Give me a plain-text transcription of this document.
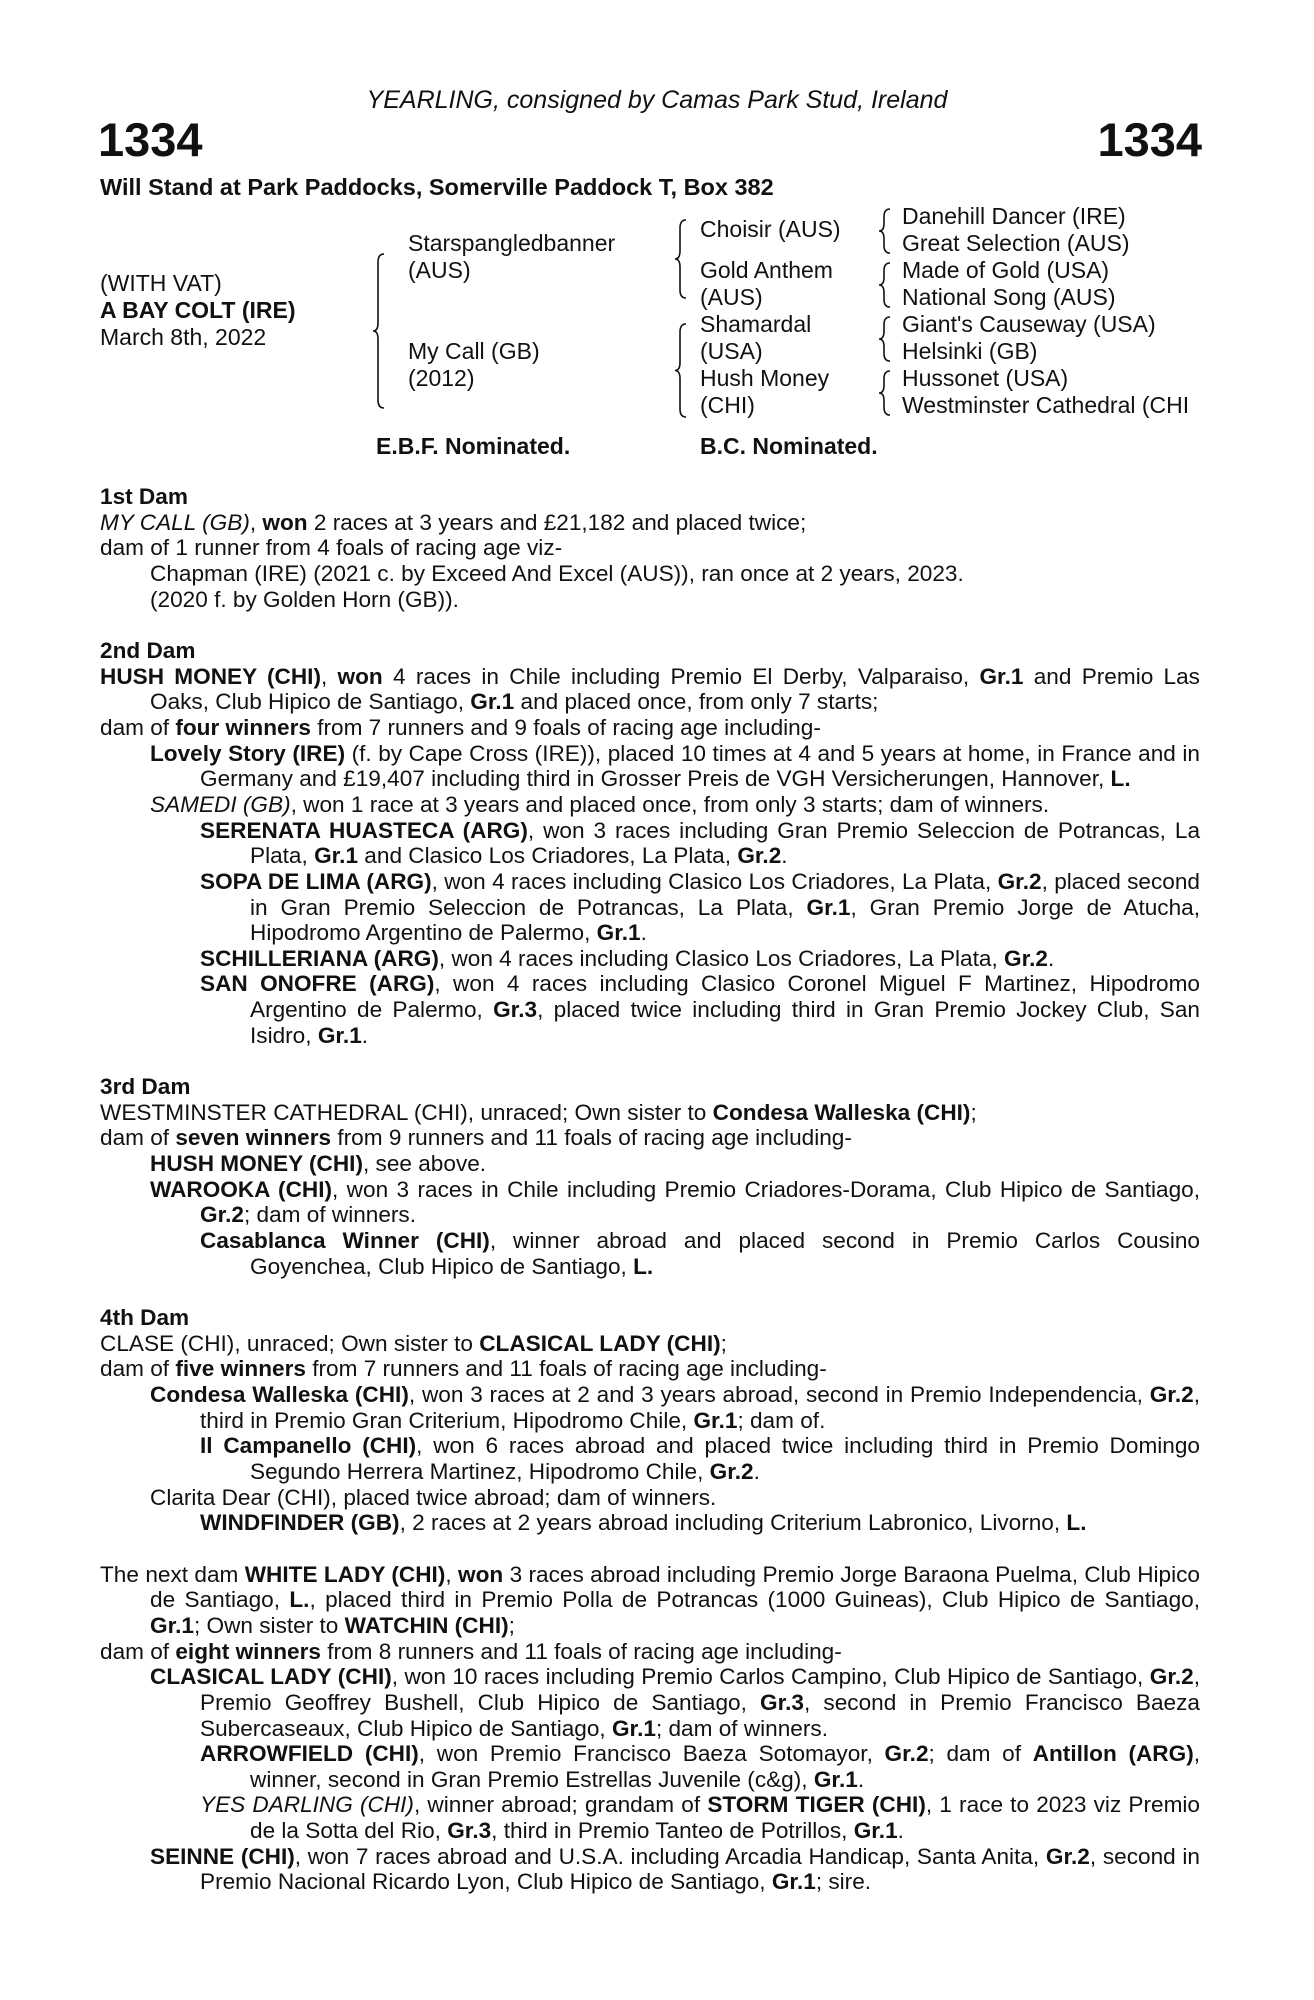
YEARLING, consigned by Camas Park Stud, Ireland
1334	1334
Will Stand at Park Paddocks, Somerville Paddock T, Box 382
(WITH VAT)
A BAY COLT (IRE)
March 8th, 2022
Starspangledbanner
(AUS)
My Call (GB)
(2012)
Choisir (AUS)
Gold Anthem
(AUS)
Shamardal
(USA)
Hush Money
(CHI)
Danehill Dancer (IRE)
Great Selection (AUS)
Made of Gold (USA)
National Song (AUS)
Giant's Causeway (USA)
Helsinki (GB)
Hussonet (USA)
Westminster Cathedral (CHI
E.B.F. Nominated.	B.C. Nominated.
1st Dam
MY CALL (GB), won 2 races at 3 years and £21,182 and placed twice;
dam of 1 runner from 4 foals of racing age viz-
Chapman (IRE) (2021 c. by Exceed And Excel (AUS)), ran once at 2 years, 2023.
(2020 f. by Golden Horn (GB)).
2nd Dam
HUSH MONEY (CHI), won 4 races in Chile including Premio El Derby, Valparaiso, Gr.1 and Premio Las Oaks, Club Hipico de Santiago, Gr.1 and placed once, from only 7 starts;
dam of four winners from 7 runners and 9 foals of racing age including-
Lovely Story (IRE) (f. by Cape Cross (IRE)), placed 10 times at 4 and 5 years at home, in France and in Germany and £19,407 including third in Grosser Preis de VGH Versicherungen, Hannover, L.
SAMEDI (GB), won 1 race at 3 years and placed once, from only 3 starts; dam of winners.
SERENATA HUASTECA (ARG), won 3 races including Gran Premio Seleccion de Potrancas, La Plata, Gr.1 and Clasico Los Criadores, La Plata, Gr.2.
SOPA DE LIMA (ARG), won 4 races including Clasico Los Criadores, La Plata, Gr.2, placed second in Gran Premio Seleccion de Potrancas, La Plata, Gr.1, Gran Premio Jorge de Atucha, Hipodromo Argentino de Palermo, Gr.1.
SCHILLERIANA (ARG), won 4 races including Clasico Los Criadores, La Plata, Gr.2.
SAN ONOFRE (ARG), won 4 races including Clasico Coronel Miguel F Martinez, Hipodromo Argentino de Palermo, Gr.3, placed twice including third in Gran Premio Jockey Club, San Isidro, Gr.1.
3rd Dam
WESTMINSTER CATHEDRAL (CHI), unraced; Own sister to Condesa Walleska (CHI);
dam of seven winners from 9 runners and 11 foals of racing age including-
HUSH MONEY (CHI), see above.
WAROOKA (CHI), won 3 races in Chile including Premio Criadores-Dorama, Club Hipico de Santiago, Gr.2; dam of winners.
Casablanca Winner (CHI), winner abroad and placed second in Premio Carlos Cousino Goyenchea, Club Hipico de Santiago, L.
4th Dam
CLASE (CHI), unraced; Own sister to CLASICAL LADY (CHI);
dam of five winners from 7 runners and 11 foals of racing age including-
Condesa Walleska (CHI), won 3 races at 2 and 3 years abroad, second in Premio Independencia, Gr.2, third in Premio Gran Criterium, Hipodromo Chile, Gr.1; dam of.
Il Campanello (CHI), won 6 races abroad and placed twice including third in Premio Domingo Segundo Herrera Martinez, Hipodromo Chile, Gr.2.
Clarita Dear (CHI), placed twice abroad; dam of winners.
WINDFINDER (GB), 2 races at 2 years abroad including Criterium Labronico, Livorno, L.
The next dam WHITE LADY (CHI), won 3 races abroad including Premio Jorge Baraona Puelma, Club Hipico de Santiago, L., placed third in Premio Polla de Potrancas (1000 Guineas), Club Hipico de Santiago, Gr.1; Own sister to WATCHIN (CHI);
dam of eight winners from 8 runners and 11 foals of racing age including-
CLASICAL LADY (CHI), won 10 races including Premio Carlos Campino, Club Hipico de Santiago, Gr.2, Premio Geoffrey Bushell, Club Hipico de Santiago, Gr.3, second in Premio Francisco Baeza Subercaseaux, Club Hipico de Santiago, Gr.1; dam of winners.
ARROWFIELD (CHI), won Premio Francisco Baeza Sotomayor, Gr.2; dam of Antillon (ARG), winner, second in Gran Premio Estrellas Juvenile (c&g), Gr.1.
YES DARLING (CHI), winner abroad; grandam of STORM TIGER (CHI), 1 race to 2023 viz Premio de la Sotta del Rio, Gr.3, third in Premio Tanteo de Potrillos, Gr.1.
SEINNE (CHI), won 7 races abroad and U.S.A. including Arcadia Handicap, Santa Anita, Gr.2, second in Premio Nacional Ricardo Lyon, Club Hipico de Santiago, Gr.1; sire.
